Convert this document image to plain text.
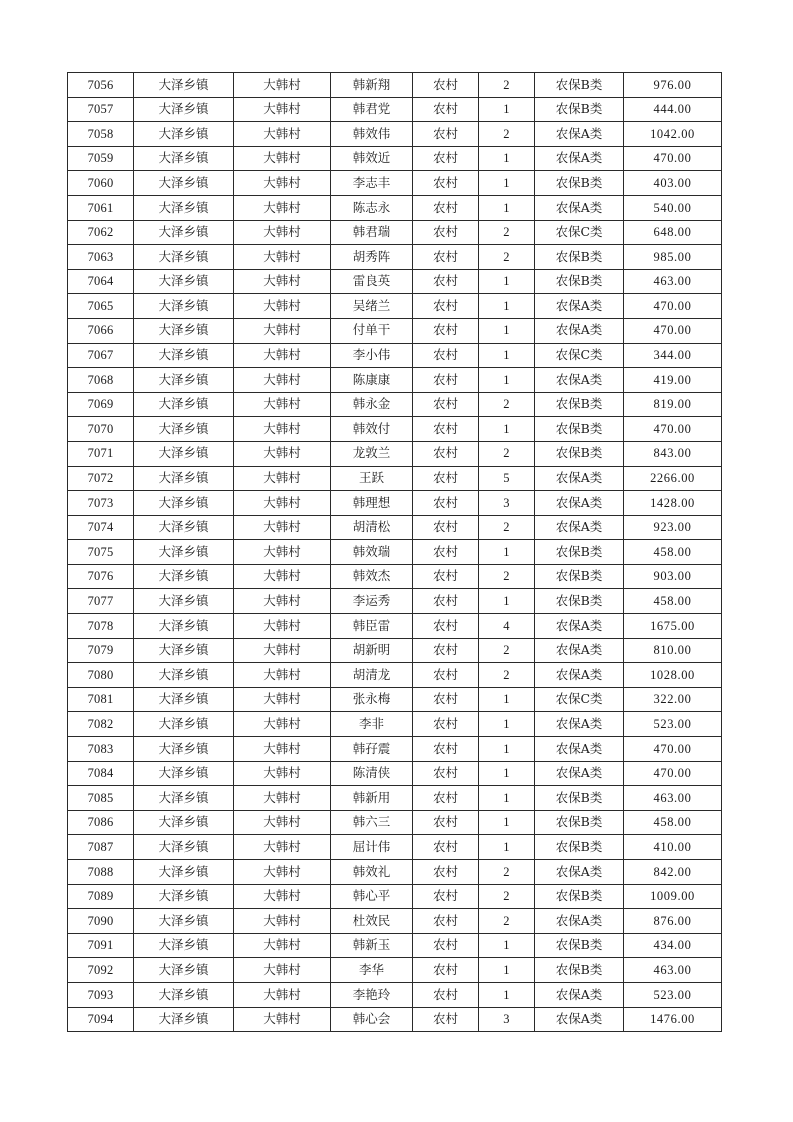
7056	大泽乡镇	大韩村	韩新翔	农村	2	农保B类	976.00
7057	大泽乡镇	大韩村	韩君党	农村	1	农保B类	444.00
7058	大泽乡镇	大韩村	韩效伟	农村	2	农保A类	1042.00
7059	大泽乡镇	大韩村	韩效近	农村	1	农保A类	470.00
7060	大泽乡镇	大韩村	李志丰	农村	1	农保B类	403.00
7061	大泽乡镇	大韩村	陈志永	农村	1	农保A类	540.00
7062	大泽乡镇	大韩村	韩君瑞	农村	2	农保C类	648.00
7063	大泽乡镇	大韩村	胡秀阵	农村	2	农保B类	985.00
7064	大泽乡镇	大韩村	雷良英	农村	1	农保B类	463.00
7065	大泽乡镇	大韩村	吴绪兰	农村	1	农保A类	470.00
7066	大泽乡镇	大韩村	付单干	农村	1	农保A类	470.00
7067	大泽乡镇	大韩村	李小伟	农村	1	农保C类	344.00
7068	大泽乡镇	大韩村	陈康康	农村	1	农保A类	419.00
7069	大泽乡镇	大韩村	韩永金	农村	2	农保B类	819.00
7070	大泽乡镇	大韩村	韩效付	农村	1	农保B类	470.00
7071	大泽乡镇	大韩村	龙敦兰	农村	2	农保B类	843.00
7072	大泽乡镇	大韩村	王跃	农村	5	农保A类	2266.00
7073	大泽乡镇	大韩村	韩理想	农村	3	农保A类	1428.00
7074	大泽乡镇	大韩村	胡清松	农村	2	农保A类	923.00
7075	大泽乡镇	大韩村	韩效瑞	农村	1	农保B类	458.00
7076	大泽乡镇	大韩村	韩效杰	农村	2	农保B类	903.00
7077	大泽乡镇	大韩村	李运秀	农村	1	农保B类	458.00
7078	大泽乡镇	大韩村	韩臣雷	农村	4	农保A类	1675.00
7079	大泽乡镇	大韩村	胡新明	农村	2	农保A类	810.00
7080	大泽乡镇	大韩村	胡清龙	农村	2	农保A类	1028.00
7081	大泽乡镇	大韩村	张永梅	农村	1	农保C类	322.00
7082	大泽乡镇	大韩村	李非	农村	1	农保A类	523.00
7083	大泽乡镇	大韩村	韩孖震	农村	1	农保A类	470.00
7084	大泽乡镇	大韩村	陈清侠	农村	1	农保A类	470.00
7085	大泽乡镇	大韩村	韩新用	农村	1	农保B类	463.00
7086	大泽乡镇	大韩村	韩六三	农村	1	农保B类	458.00
7087	大泽乡镇	大韩村	屈计伟	农村	1	农保B类	410.00
7088	大泽乡镇	大韩村	韩效礼	农村	2	农保A类	842.00
7089	大泽乡镇	大韩村	韩心平	农村	2	农保B类	1009.00
7090	大泽乡镇	大韩村	杜效民	农村	2	农保A类	876.00
7091	大泽乡镇	大韩村	韩新玉	农村	1	农保B类	434.00
7092	大泽乡镇	大韩村	李华	农村	1	农保B类	463.00
7093	大泽乡镇	大韩村	李艳玲	农村	1	农保A类	523.00
7094	大泽乡镇	大韩村	韩心会	农村	3	农保A类	1476.00
